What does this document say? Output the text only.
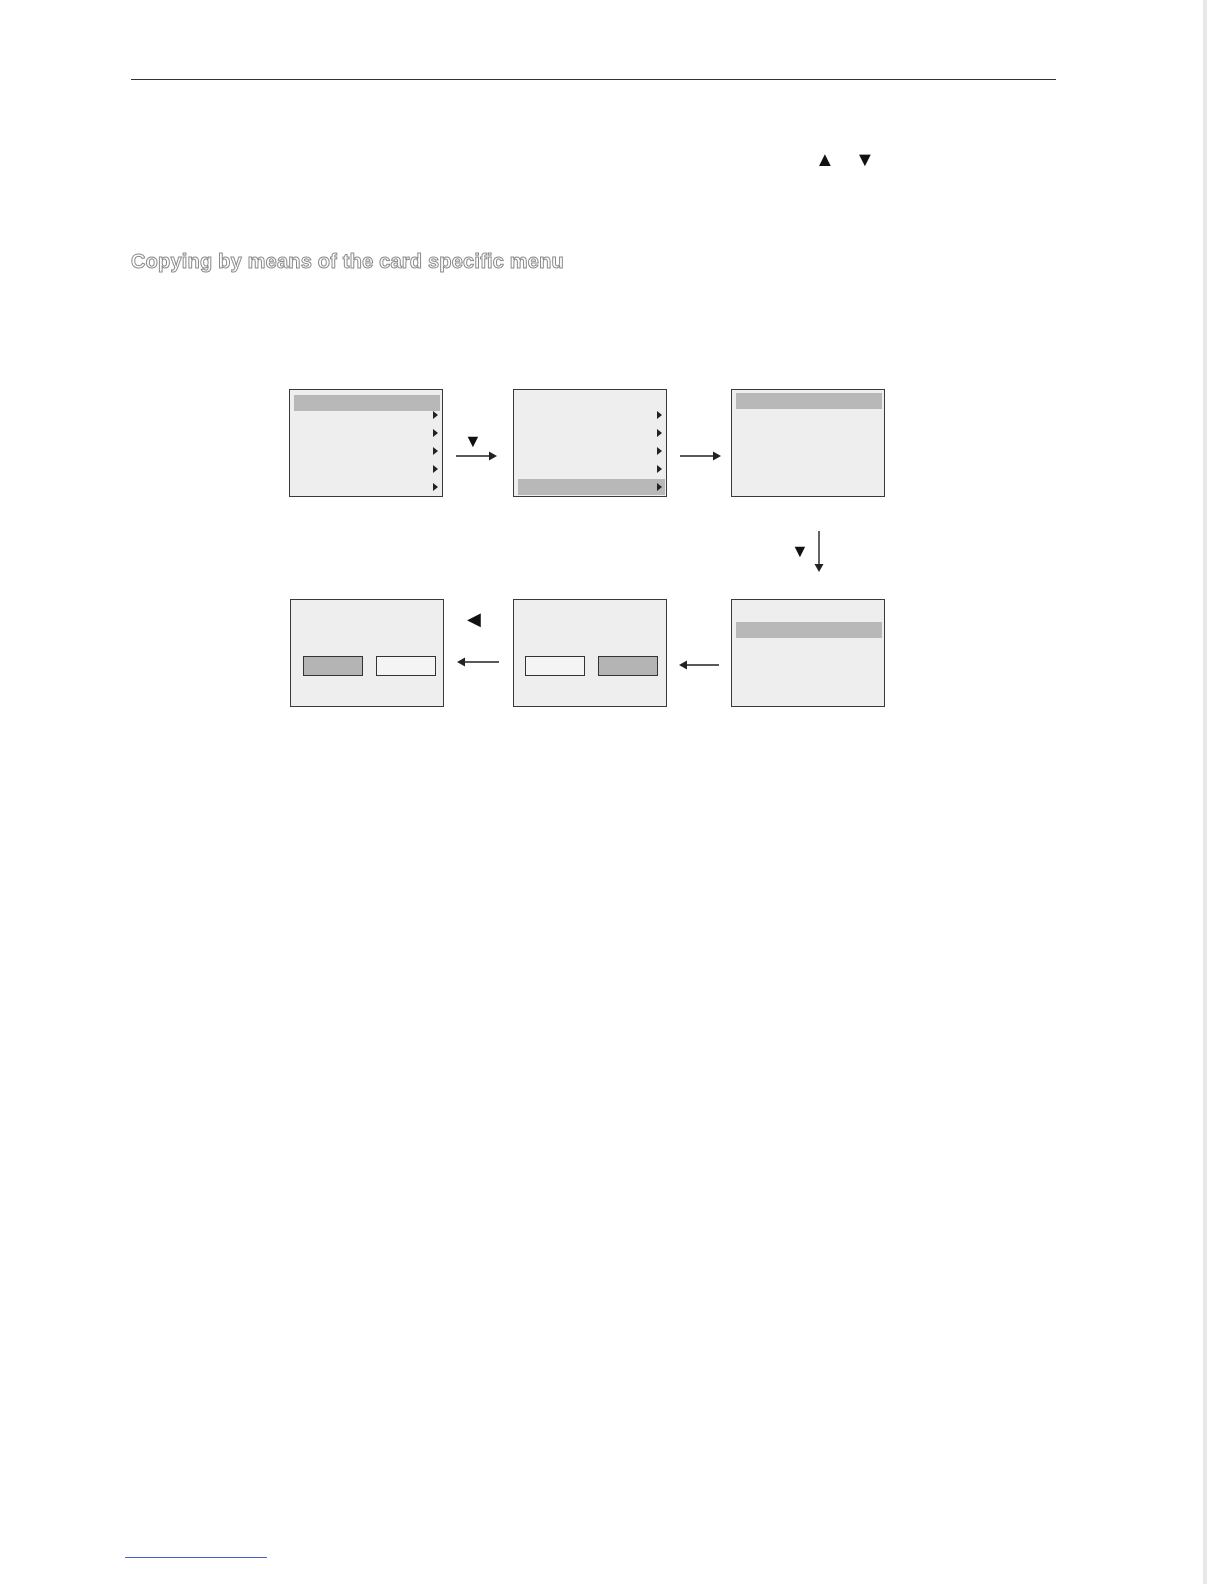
▲ ▼
Copying by means of the card specific menu
▼
▼
◀
